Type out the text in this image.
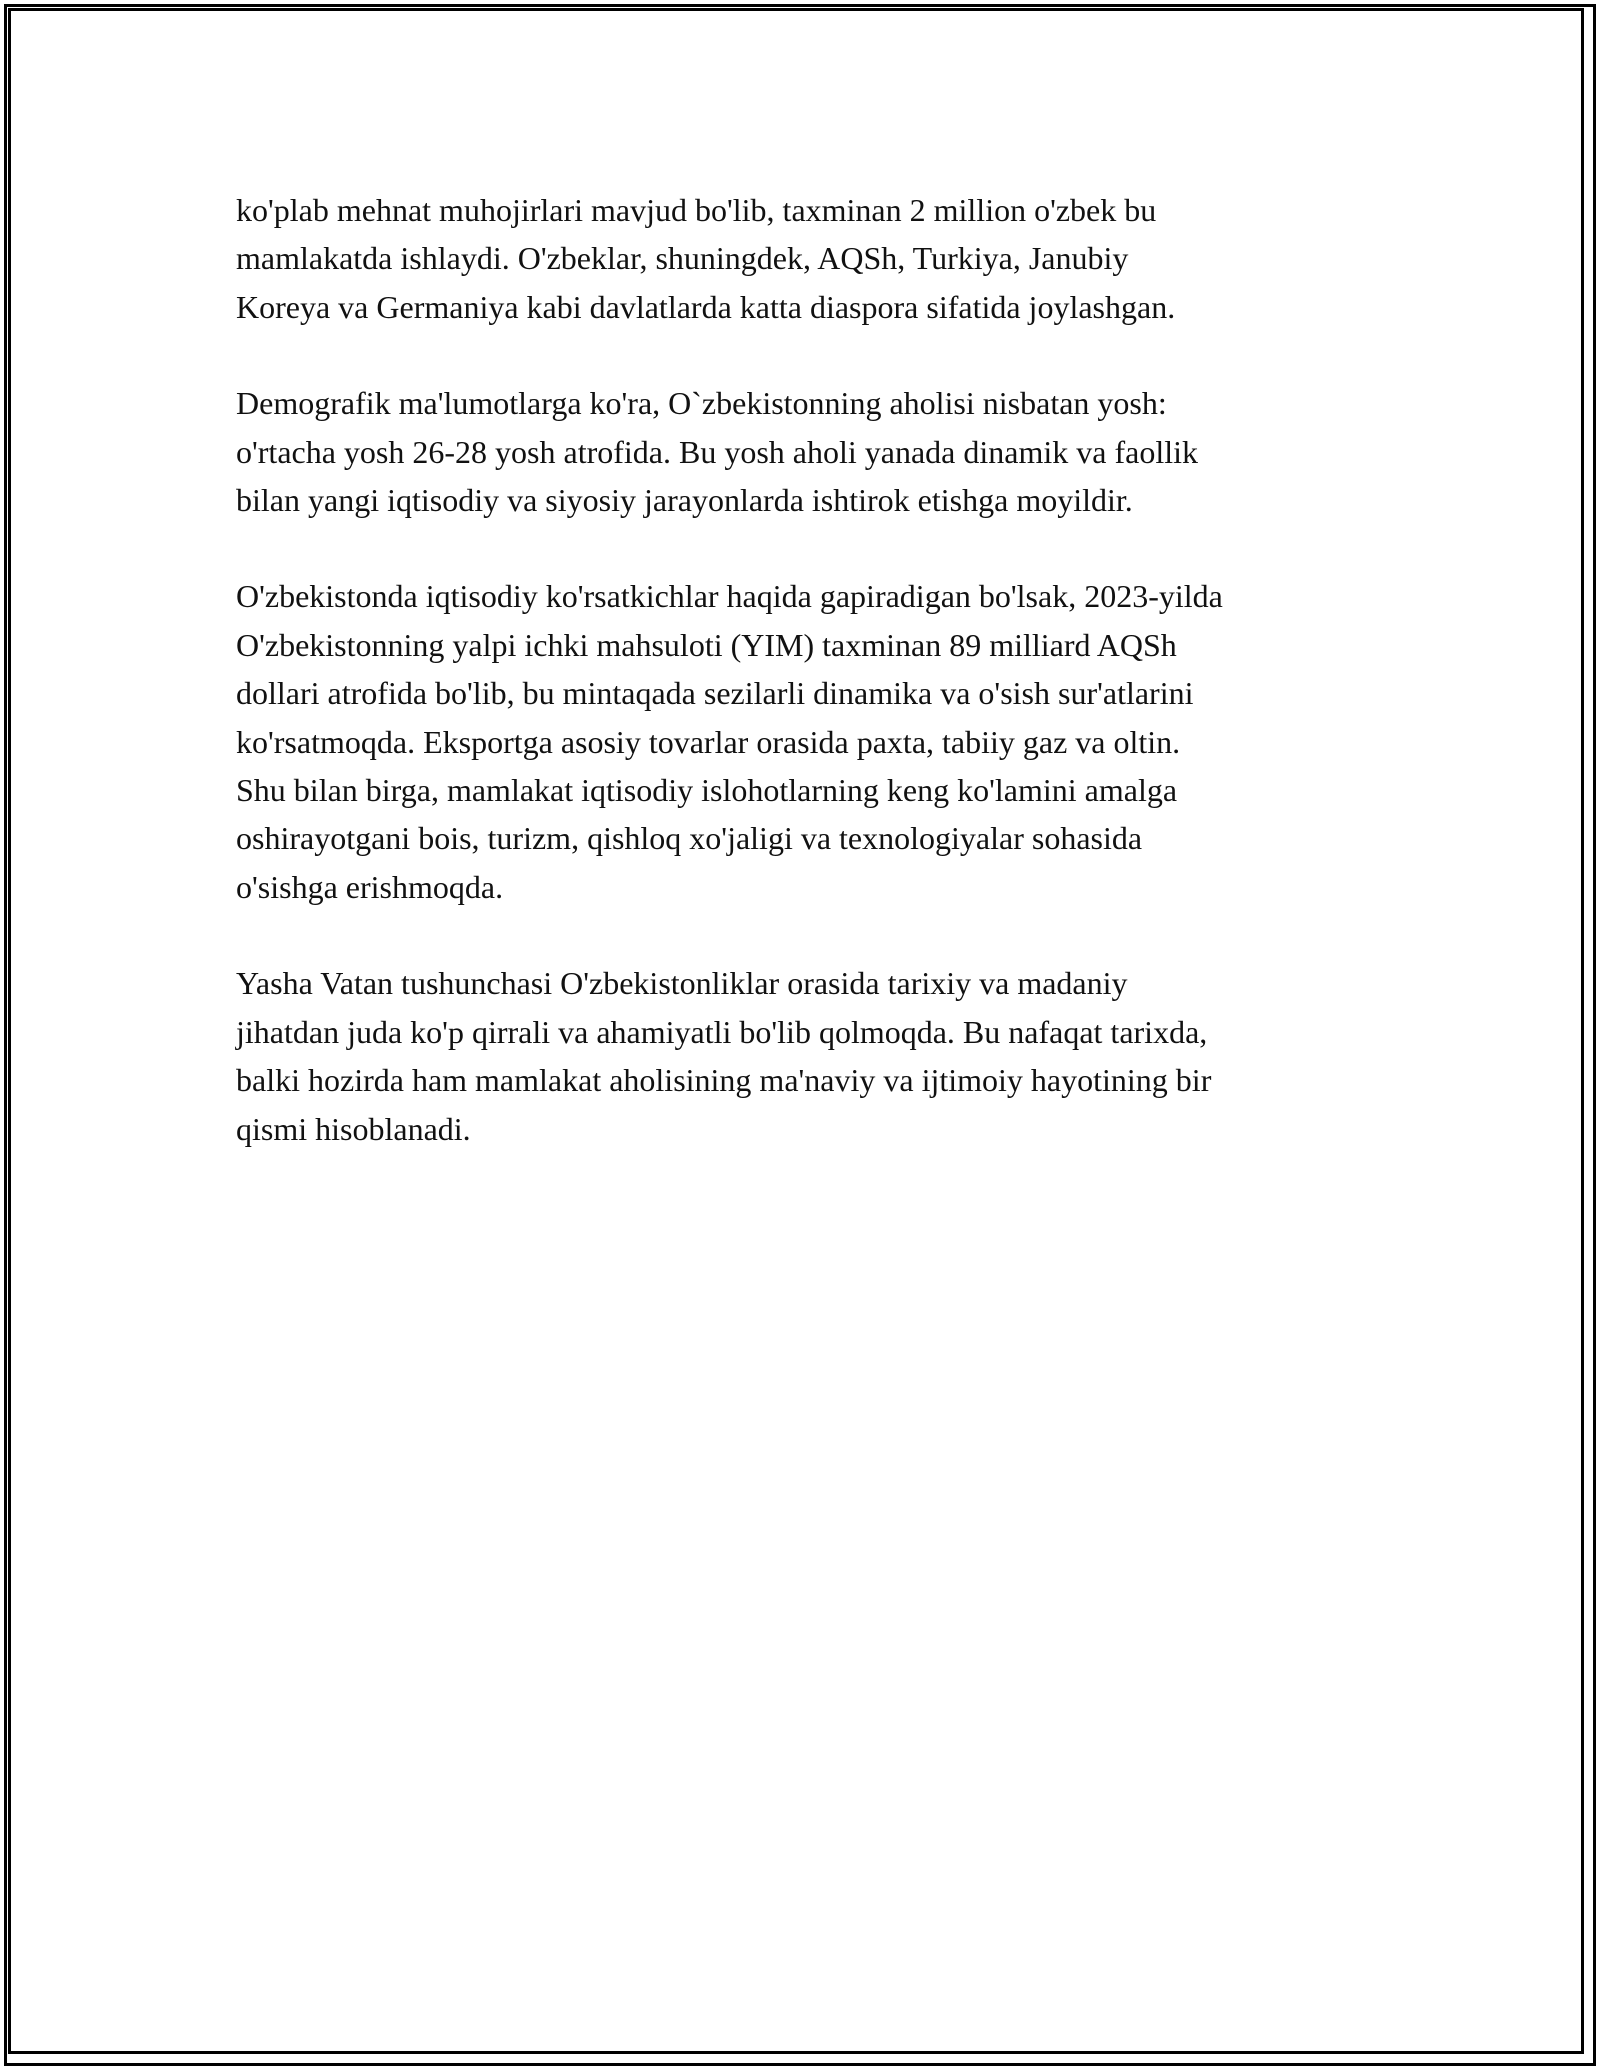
ko'plab mehnat muhojirlari mavjud bo'lib, taxminan 2 million o'zbek bu
mamlakatda ishlaydi. O'zbeklar, shuningdek, AQSh, Turkiya, Janubiy
Koreya va Germaniya kabi davlatlarda katta diaspora sifatida joylashgan.

Demografik ma'lumotlarga ko'ra, O`zbekistonning aholisi nisbatan yosh:
o'rtacha yosh 26-28 yosh atrofida. Bu yosh aholi yanada dinamik va faollik
bilan yangi iqtisodiy va siyosiy jarayonlarda ishtirok etishga moyildir.

O'zbekistonda iqtisodiy ko'rsatkichlar haqida gapiradigan bo'lsak, 2023-yilda
O'zbekistonning yalpi ichki mahsuloti (YIM) taxminan 89 milliard AQSh
dollari atrofida bo'lib, bu mintaqada sezilarli dinamika va o'sish sur'atlarini
ko'rsatmoqda. Eksportga asosiy tovarlar orasida paxta, tabiiy gaz va oltin.
Shu bilan birga, mamlakat iqtisodiy islohotlarning keng ko'lamini amalga
oshirayotgani bois, turizm, qishloq xo'jaligi va texnologiyalar sohasida
o'sishga erishmoqda.

Yasha Vatan tushunchasi O'zbekistonliklar orasida tarixiy va madaniy
jihatdan juda ko'p qirrali va ahamiyatli bo'lib qolmoqda. Bu nafaqat tarixda,
balki hozirda ham mamlakat aholisining ma'naviy va ijtimoiy hayotining bir
qismi hisoblanadi.
